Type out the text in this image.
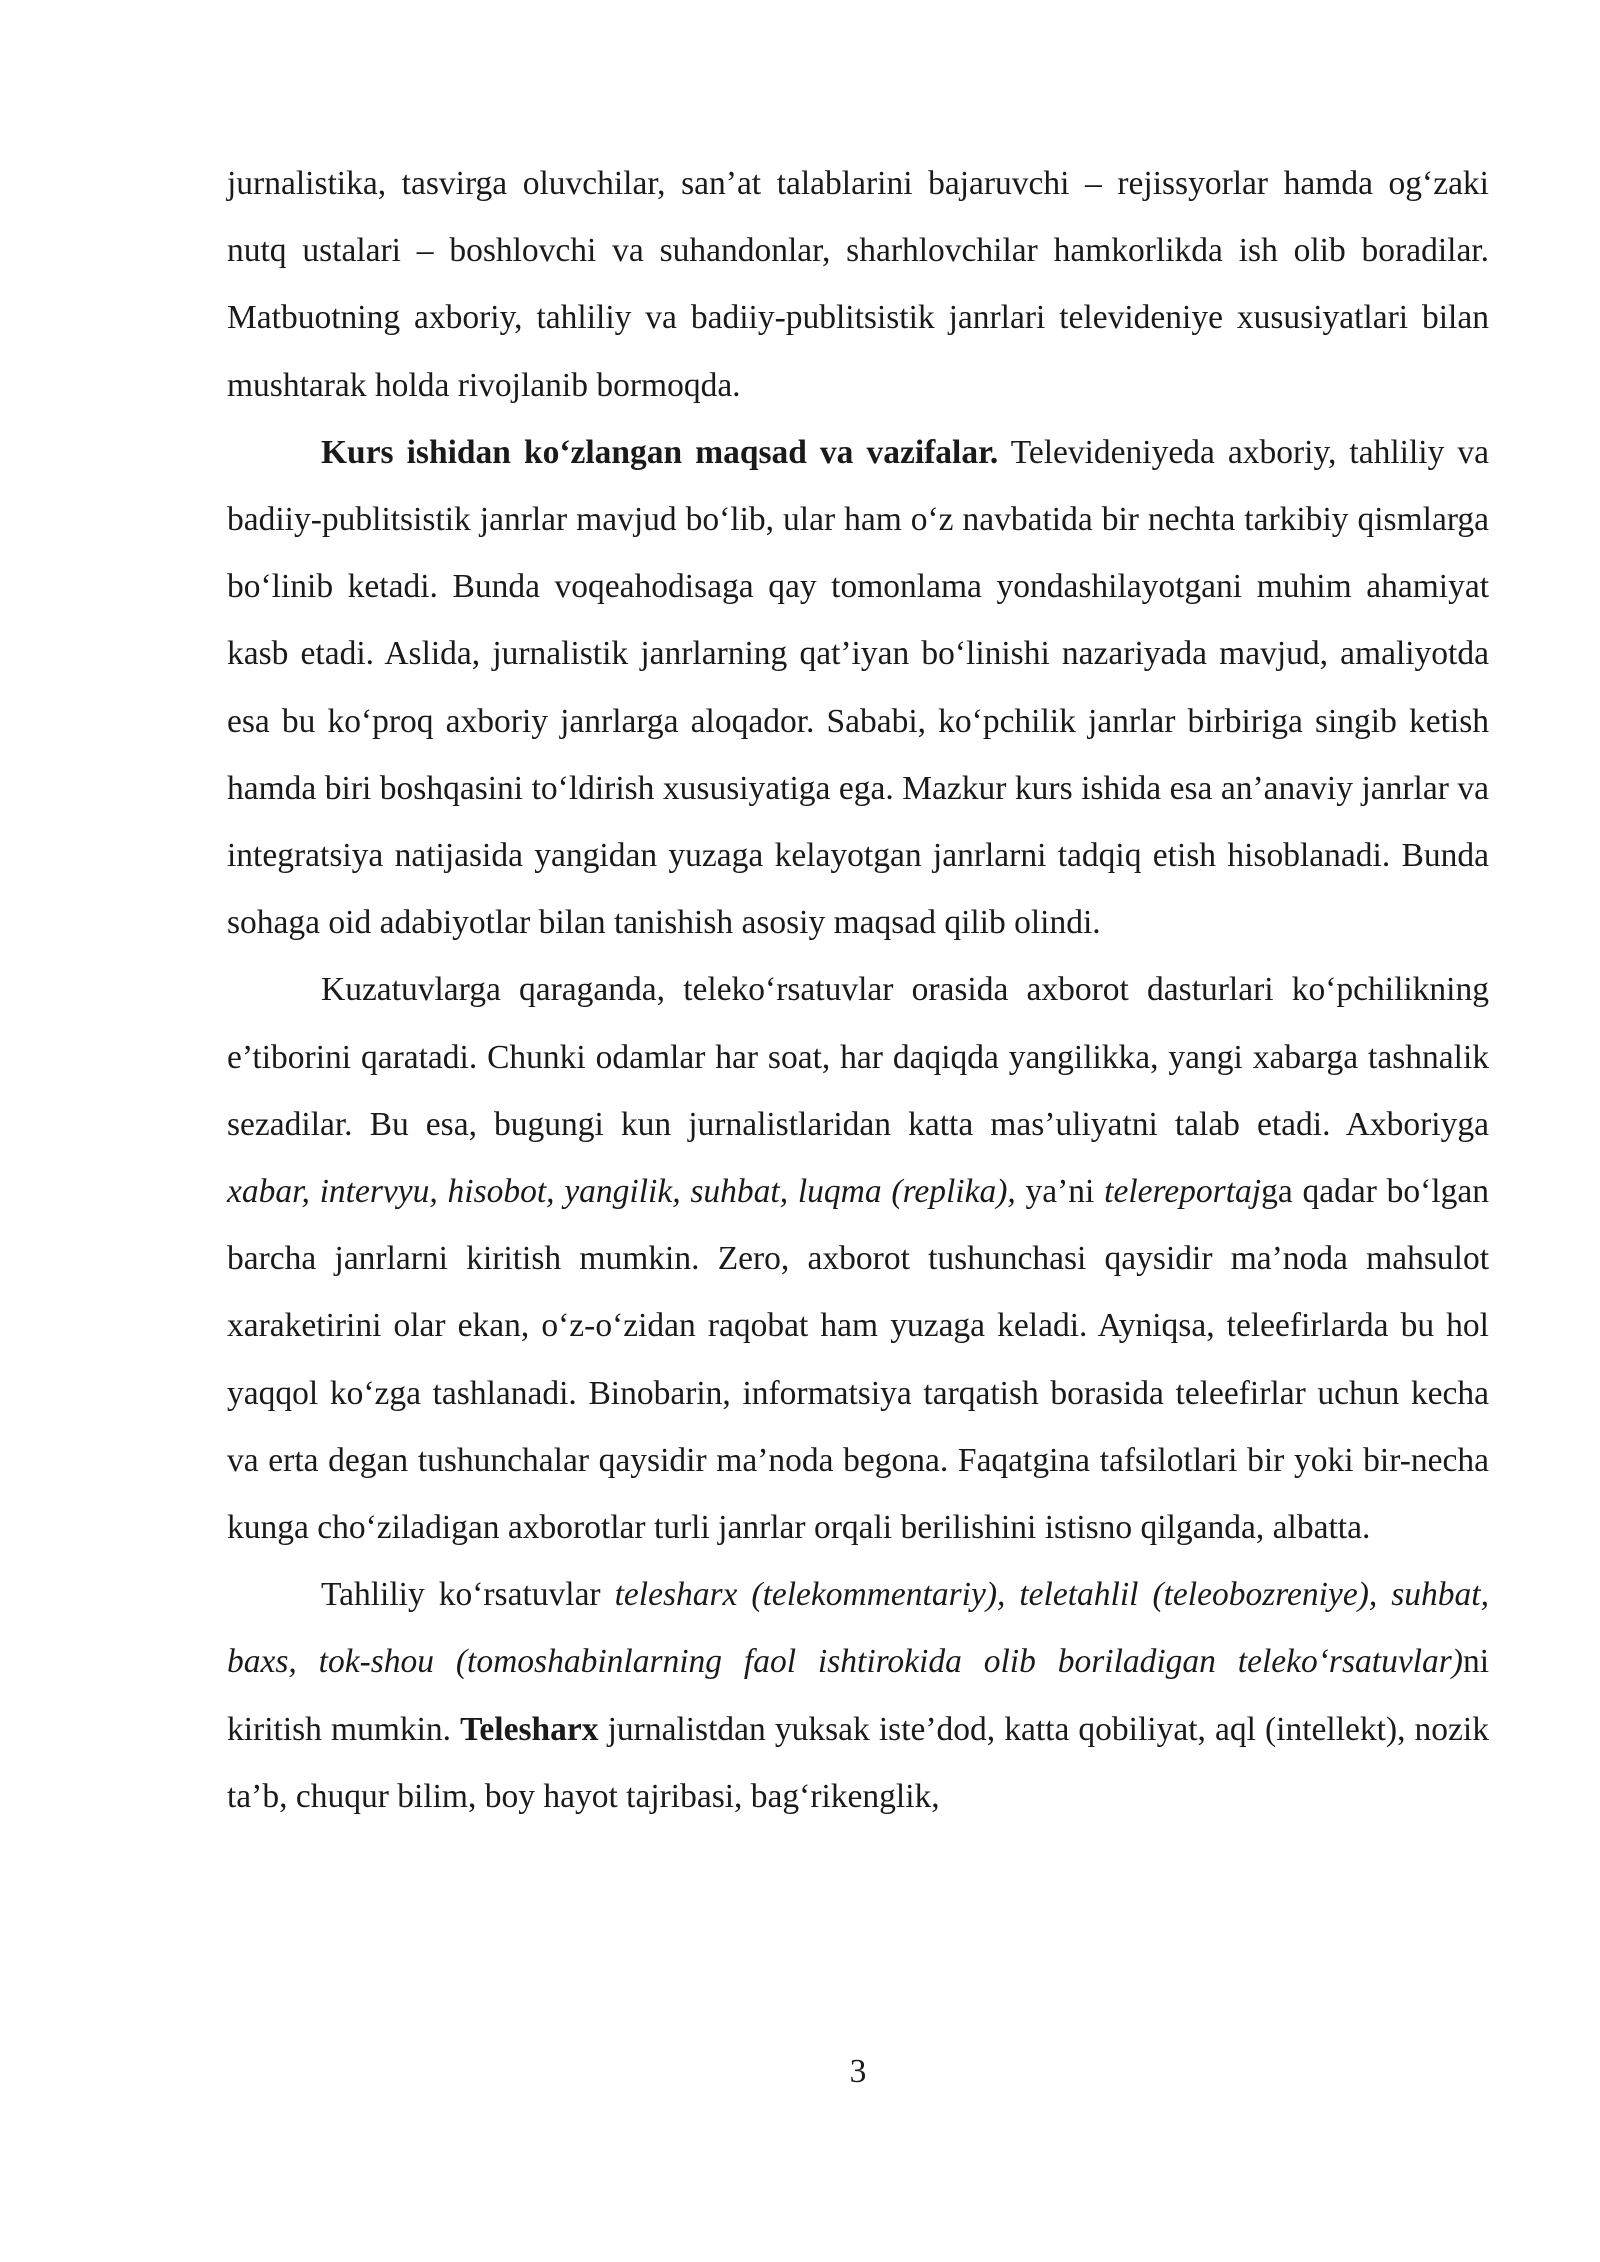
jurnalistika, tasvirga oluvchilar, san’at talablarini bajaruvchi – rejissyorlar hamda og‘zaki nutq ustalari – boshlovchi va suhandonlar, sharhlovchilar hamkorlikda ish olib boradilar. Matbuotning axboriy, tahliliy va badiiy-publitsistik janrlari televideniye xususiyatlari bilan mushtarak holda rivojlanib bormoqda.

Kurs ishidan ko‘zlangan maqsad va vazifalar. Televideniyeda axboriy, tahliliy va badiiy-publitsistik janrlar mavjud bo‘lib, ular ham o‘z navbatida bir nechta tarkibiy qismlarga bo‘linib ketadi. Bunda voqeahodisaga qay tomonlama yondashilayotgani muhim ahamiyat kasb etadi. Aslida, jurnalistik janrlarning qat’iyan bo‘linishi nazariyada mavjud, amaliyotda esa bu ko‘proq axboriy janrlarga aloqador. Sababi, ko‘pchilik janrlar birbiriga singib ketish hamda biri boshqasini to‘ldirish xususiyatiga ega. Mazkur kurs ishida esa an’anaviy janrlar va integratsiya natijasida yangidan yuzaga kelayotgan janrlarni tadqiq etish hisoblanadi. Bunda sohaga oid adabiyotlar bilan tanishish asosiy maqsad qilib olindi.

Kuzatuvlarga qaraganda, teleko‘rsatuvlar orasida axborot dasturlari ko‘pchilikning e’tiborini qaratadi. Chunki odamlar har soat, har daqiqda yangilikka, yangi xabarga tashnalik sezadilar. Bu esa, bugungi kun jurnalistlaridan katta mas’uliyatni talab etadi. Axboriyga xabar, intervyu, hisobot, yangilik, suhbat, luqma (replika), ya’ni telereportajga qadar bo‘lgan barcha janrlarni kiritish mumkin. Zero, axborot tushunchasi qaysidir ma’noda mahsulot xaraketirini olar ekan, o‘z-o‘zidan raqobat ham yuzaga keladi. Ayniqsa, teleefirlarda bu hol yaqqol ko‘zga tashlanadi. Binobarin, informatsiya tarqatish borasida teleefirlar uchun kecha va erta degan tushunchalar qaysidir ma’noda begona. Faqatgina tafsilotlari bir yoki bir-necha kunga cho‘ziladigan axborotlar turli janrlar orqali berilishini istisno qilganda, albatta.

Tahliliy ko‘rsatuvlar telesharx (telekommentariy), teletahlil (teleobozreniye), suhbat, baxs, tok-shou (tomoshabinlarning faol ishtirokida olib boriladigan teleko‘rsatuvlar)ni kiritish mumkin. Telesharx jurnalistdan yuksak iste’dod, katta qobiliyat, aql (intellekt), nozik ta’b, chuqur bilim, boy hayot tajribasi, bag‘rikenglik,

3
